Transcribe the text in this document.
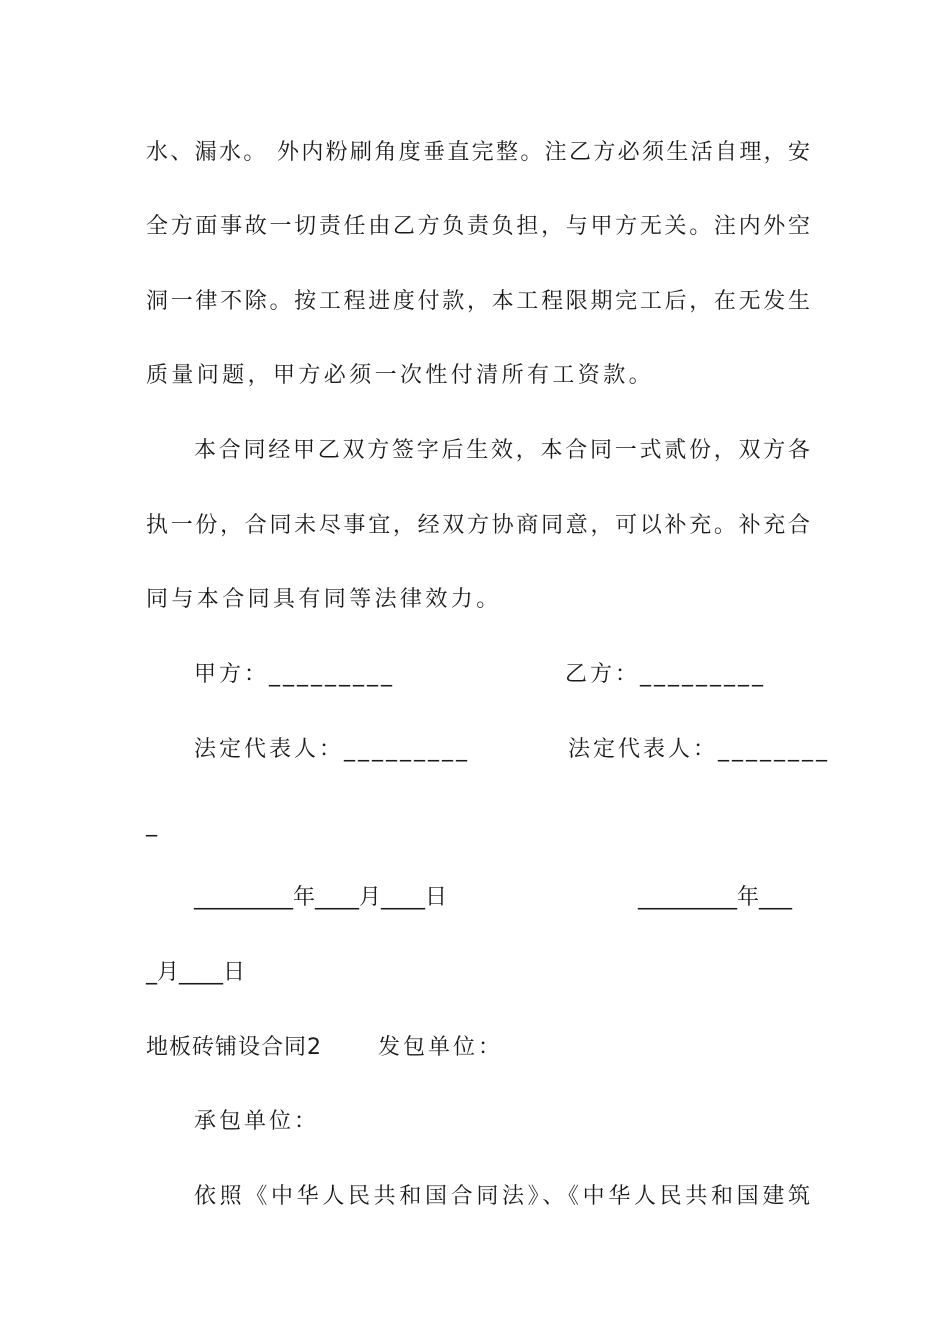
水、漏水。 外内粉刷角度垂直完整。注乙方必须生活自理，安
全方面事故一切责任由乙方负责负担，与甲方无关。注内外空
洞一律不除。按工程进度付款，本工程限期完工后，在无发生
质量问题，甲方必须一次性付清所有工资款。
本合同经甲乙双方签字后生效，本合同一式贰份，双方各
执一份，合同未尽事宜，经双方协商同意，可以补充。补充合
同与本合同具有同等法律效力。
甲方：_________	乙方：_________
法定代表人：_________	法定代表人：________
_
_________年____月____日	_________年___
_月____日
地板砖铺设合同2	发包单位：
承包单位：
依照《中华人民共和国合同法》、《中华人民共和国建筑
